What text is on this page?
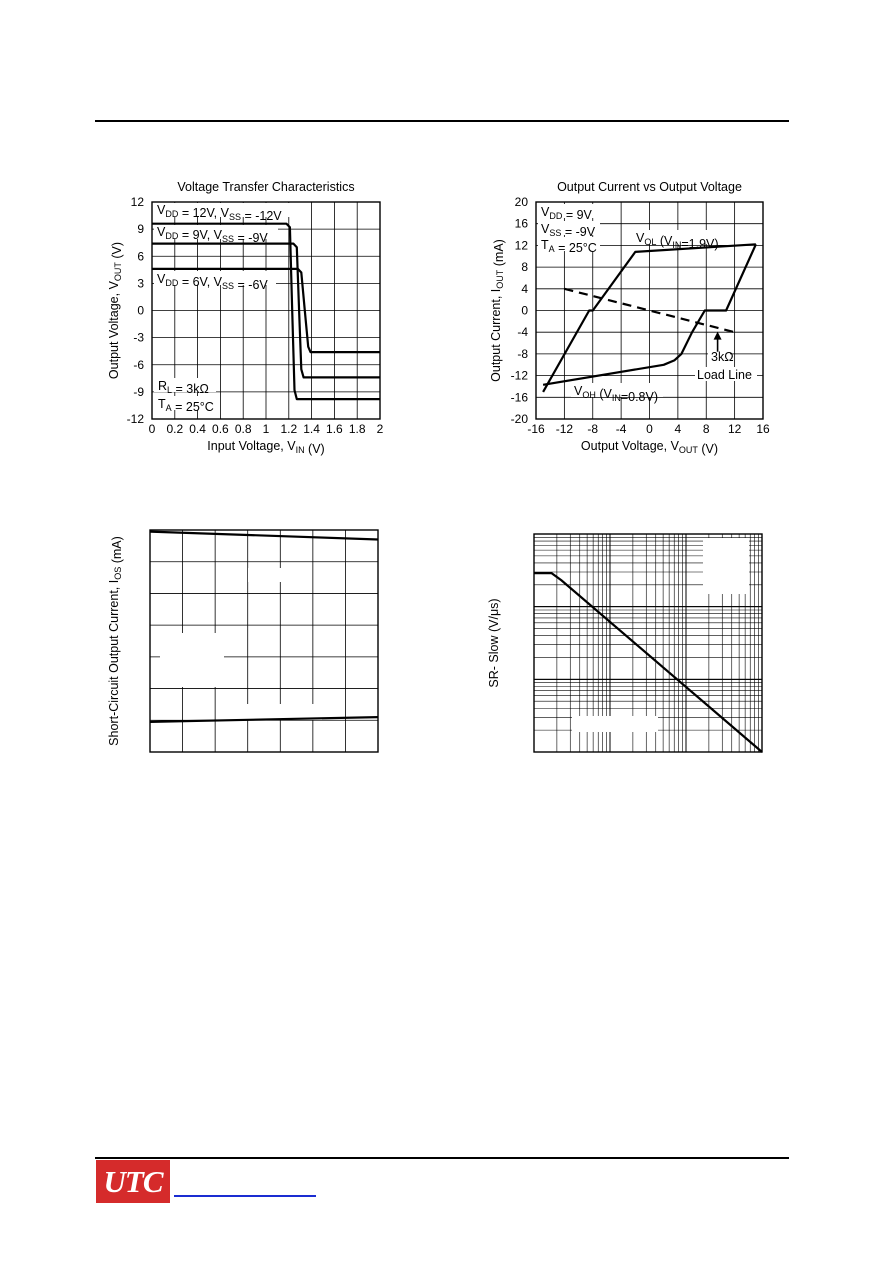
0 0.2 0.4 0.6 0.8 1 1.2 1.4 1.6 1.8 2
12
9
6
3
0
-3
-6
-9
-12
Voltage Transfer Characteristics
Input Voltage, $V_{IN}$ (V)
Output Voltage, $V_{OUT}$ (V)
$V_{DD} = 12V$, $V_{SS} = -12V$
$V_{DD} = 9V$, $V_{SS} = -9V$
$V_{DD} = 6V$, $V_{SS} = -6V$
$R_L = 3k\Omega$
$T_A = 25^\circ C$
-16 -12 -8 -4 0 4 8 12 16
20
16
12
8
4
0
-4
-8
-12
-16
-20
Output Current vs Output Voltage
Output Voltage, $V_{OUT}$ (V)
Output Current, $I_{OUT}$ (mA)
$V_{DD} = 9V$
$V_{SS} = -9V$
$T_A = 25^\circ C$
$V_{OL}$ $(V_{IN}=1.9V)$
$V_{OH}$ $(V_{IN}=0.8V)$
3kΩ
Load Line
Short-Circuit Output Current, $I_{OS}$ (mA)
SR- Slow (V/μs)
UTC
